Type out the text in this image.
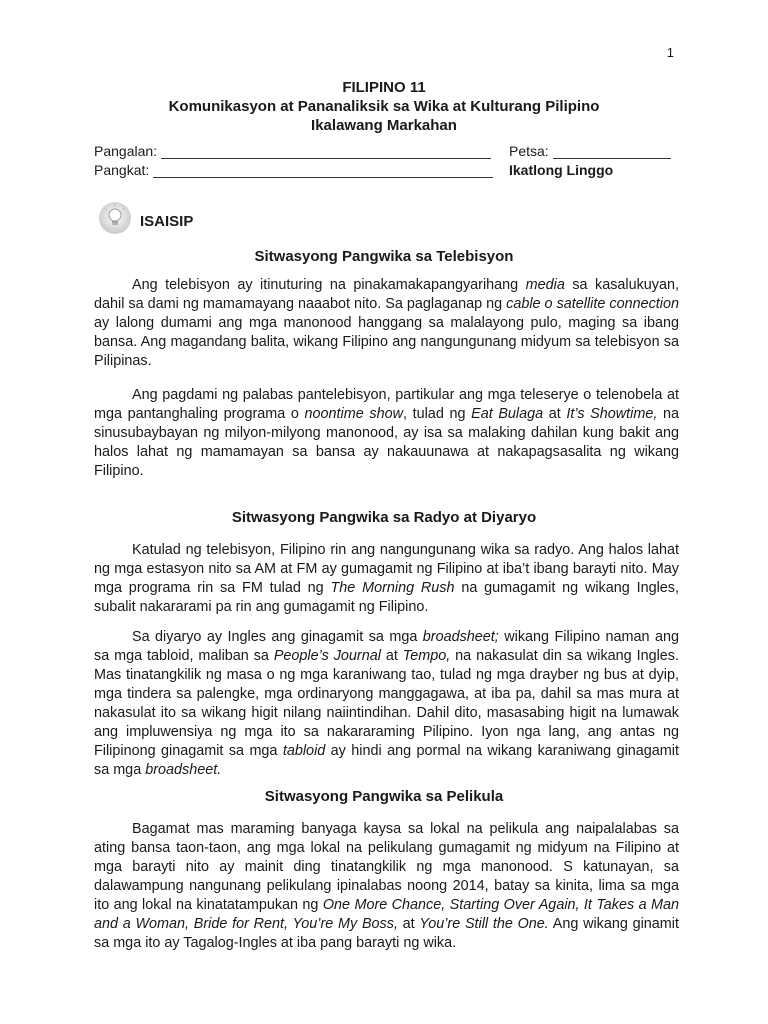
1
FILIPINO 11
Komunikasyon at Pananaliksik sa Wika at Kulturang Pilipino
Ikalawang Markahan
Pangalan:	Petsa:
Pangkat:	Ikatlong Linggo
ISAISIP
Sitwasyong Pangwika sa Telebisyon

Ang telebisyon ay itinuturing na pinakamakapangyarihang media sa kasalukuyan, dahil sa dami ng mamamayang naaabot nito. Sa paglaganap ng cable o satellite connection ay lalong dumami ang mga manonood hanggang sa malalayong pulo, maging sa ibang bansa. Ang magandang balita, wikang Filipino ang nangungunang midyum sa telebisyon sa Pilipinas.

Ang pagdami ng palabas pantelebisyon, partikular ang mga teleserye o telenobela at mga pantanghaling programa o noontime show, tulad ng Eat Bulaga at It’s Showtime, na sinusubaybayan ng milyon-milyong manonood, ay isa sa malaking dahilan kung bakit ang halos lahat ng mamamayan sa bansa ay nakauunawa at nakapagsasalita ng wikang Filipino.

Sitwasyong Pangwika sa Radyo at Diyaryo

Katulad ng telebisyon, Filipino rin ang nangungunang wika sa radyo. Ang halos lahat ng mga estasyon nito sa AM at FM ay gumagamit ng Filipino at iba’t ibang barayti nito. May mga programa rin sa FM tulad ng The Morning Rush na gumagamit ng wikang Ingles, subalit nakararami pa rin ang gumagamit ng Filipino.

Sa diyaryo ay Ingles ang ginagamit sa mga broadsheet; wikang Filipino naman ang sa mga tabloid, maliban sa People’s Journal at Tempo, na nakasulat din sa wikang Ingles. Mas tinatangkilik ng masa o ng mga karaniwang tao, tulad ng mga drayber ng bus at dyip, mga tindera sa palengke, mga ordinaryong manggagawa, at iba pa, dahil sa mas mura at nakasulat ito sa wikang higit nilang naiintindihan. Dahil dito, masasabing higit na lumawak ang impluwensiya ng mga ito sa nakararaming Pilipino. Iyon nga lang, ang antas ng Filipinong ginagamit sa mga tabloid ay hindi ang pormal na wikang karaniwang ginagamit sa mga broadsheet.

Sitwasyong Pangwika sa Pelikula

Bagamat mas maraming banyaga kaysa sa lokal na pelikula ang naipalalabas sa ating bansa taon-taon, ang mga lokal na pelikulang gumagamit ng midyum na Filipino at mga barayti nito ay mainit ding tinatangkilik ng mga manonood. S katunayan, sa dalawampung nangunang pelikulang ipinalabas noong 2014, batay sa kinita, lima sa mga ito ang lokal na kinatatampukan ng One More Chance, Starting Over Again, It Takes a Man and a Woman, Bride for Rent, You’re My Boss, at You’re Still the One. Ang wikang ginamit sa mga ito ay Tagalog-Ingles at iba pang barayti ng wika.
